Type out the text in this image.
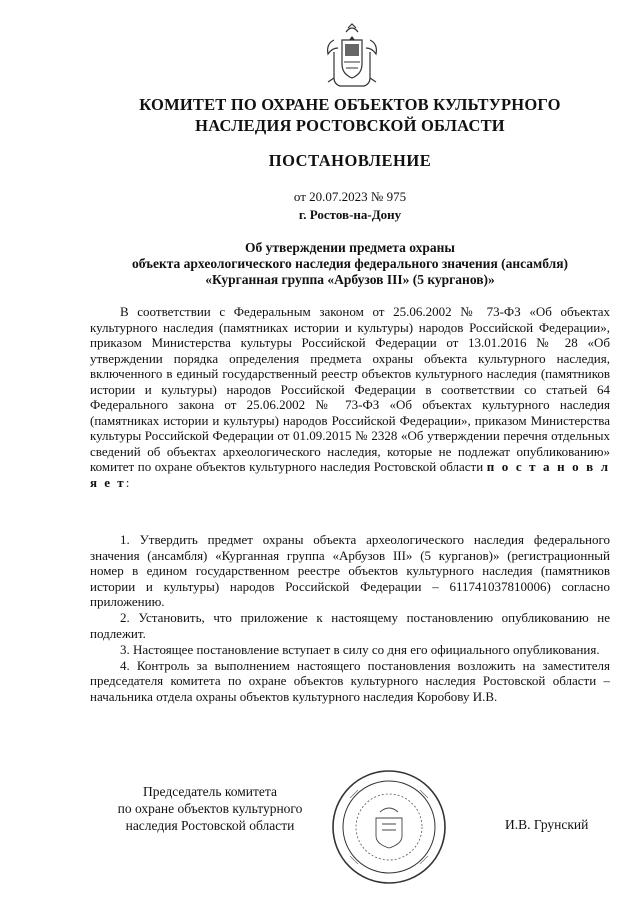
КОМИТЕТ ПО ОХРАНЕ ОБЪЕКТОВ КУЛЬТУРНОГО
НАСЛЕДИЯ РОСТОВСКОЙ ОБЛАСТИ
ПОСТАНОВЛЕНИЕ
от 20.07.2023 № 975
г. Ростов-на-Дону
Об утверждении предмета охраны
объекта археологического наследия федерального значения (ансамбля)
«Курганная группа «Арбузов III» (5 курганов)»
В соответствии с Федеральным законом от 25.06.2002 № 73-ФЗ «Об объектах культурного наследия (памятниках истории и культуры) народов Российской Федерации», приказом Министерства культуры Российской Федерации от 13.01.2016 № 28 «Об утверждении порядка определения предмета охраны объекта культурного наследия, включенного в единый государственный реестр объектов культурного наследия (памятников истории и культуры) народов Российской Федерации в соответствии со статьей 64 Федерального закона от 25.06.2002 № 73-ФЗ «Об объектах культурного наследия (памятниках истории и культуры) народов Российской Федерации», приказом Министерства культуры Российской Федерации от 01.09.2015 № 2328 «Об утверждении перечня отдельных сведений об объектах археологического наследия, которые не подлежат опубликованию» комитет по охране объектов культурного наследия Ростовской области п о с т а н о в л я е т:

1. Утвердить предмет охраны объекта археологического наследия федерального значения (ансамбля) «Курганная группа «Арбузов III» (5 курганов)» (регистрационный номер в едином государственном реестре объектов культурного наследия (памятников истории и культуры) народов Российской Федерации – 611741037810006) согласно приложению.

2. Установить, что приложение к настоящему постановлению опубликованию не подлежит.

3. Настоящее постановление вступает в силу со дня его официального опубликования.

4. Контроль за выполнением настоящего постановления возложить на заместителя председателя комитета по охране объектов культурного наследия Ростовской области – начальника отдела охраны объектов культурного наследия Коробову И.В.

Председатель комитета
по охране объектов культурного
наследия Ростовской области	И.В. Грунский
